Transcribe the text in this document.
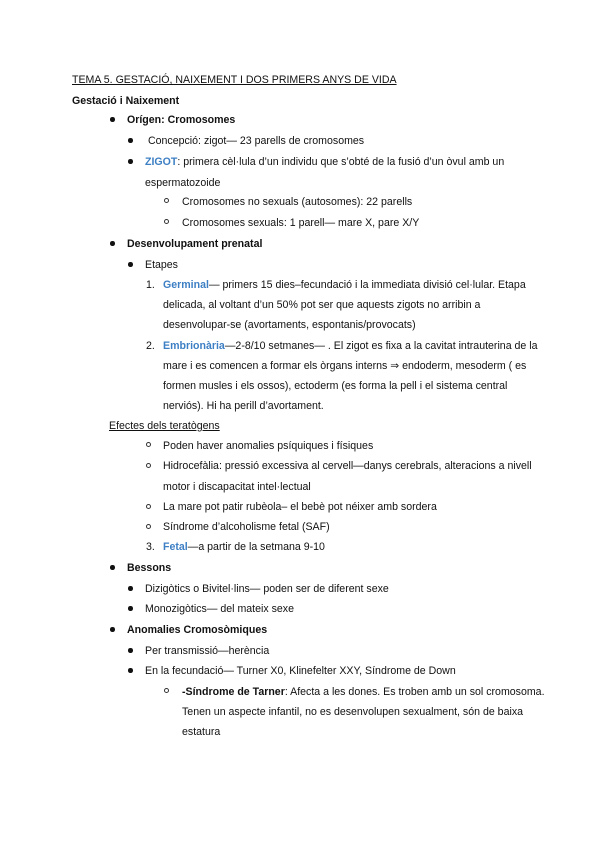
TEMA 5. GESTACIÓ, NAIXEMENT I DOS PRIMERS ANYS DE VIDA
Gestació i Naixement
Orígen: Cromosomes
Concepció: zigot— 23 parells de cromosomes
ZIGOT: primera cèl·lula d’un individu que s’obté de la fusió d’un òvul amb un
espermatozoide
Cromosomes no sexuals (autosomes): 22 parells
Cromosomes sexuals: 1 parell— mare X, pare X/Y
Desenvolupament prenatal
Etapes
1. Germinal— primers 15 dies–fecundació i la immediata divisió cel·lular. Etapa
delicada, al voltant d’un 50% pot ser que aquests zigots no arribin a
desenvolupar-se (avortaments, espontanis/provocats)
2. Embrionària—2-8/10 setmanes— . El zigot es fixa a la cavitat intrauterina de la
mare i es comencen a formar els òrgans interns ⇒ endoderm, mesoderm ( es
formen musles i els ossos), ectoderm (es forma la pell i el sistema central
nerviós). Hi ha perill d’avortament.
Efectes dels teratògens
Poden haver anomalies psíquiques i físiques
Hidrocefàlia: pressió excessiva al cervell—danys cerebrals, alteracions a nivell
motor i discapacitat intel·lectual
La mare pot patir rubèola– el bebè pot néixer amb sordera
Síndrome d’alcoholisme fetal (SAF)
3. Fetal—a partir de la setmana 9-10
Bessons
Dizigòtics o Bivitel·lins— poden ser de diferent sexe
Monozigòtics— del mateix sexe
Anomalies Cromosòmiques
Per transmissió—herència
En la fecundació— Turner X0, Klinefelter XXY, Síndrome de Down
-Síndrome de Tarner: Afecta a les dones. Es troben amb un sol cromosoma.
Tenen un aspecte infantil, no es desenvolupen sexualment, són de baixa
estatura
